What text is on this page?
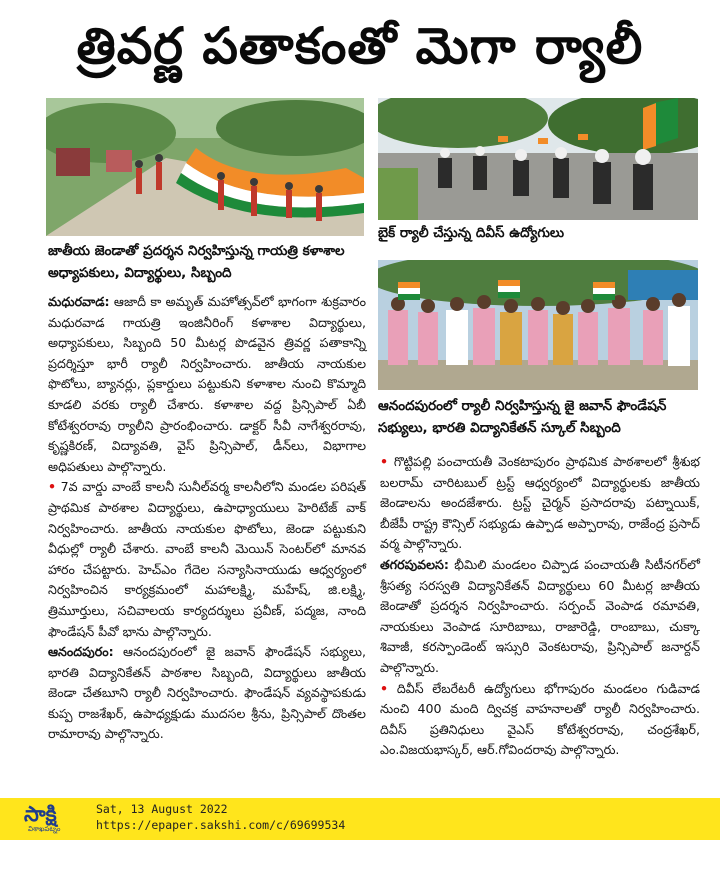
త్రివర్ణ పతాకంతో మెగా ర్యాలీ
జాతీయ జెండాతో ప్రదర్శన నిర్వహిస్తున్న గాయత్రి కళాశాల అధ్యాపకులు, విద్యార్థులు, సిబ్బంది
బైక్ ర్యాలీ చేస్తున్న దివీస్ ఉద్యోగులు
ఆనందపురంలో ర్యాలీ నిర్వహిస్తున్న జై జవాన్ ఫౌండేషన్ సభ్యులు, భారతి విద్యానికేతన్ స్కూల్ సిబ్బంది

మధురవాడ: ఆజాదీ కా అమృత్ మహోత్సవ్‌లో భాగంగా శుక్రవారం మధురవాడ గాయత్రి ఇంజినీరింగ్ కళాశాల విద్యార్థులు, అధ్యాపకులు, సిబ్బంది 50 మీటర్ల పొడవైన త్రివర్ణ పతాకాన్ని ప్రదర్శిస్తూ భారీ ర్యాలీ నిర్వహించారు. జాతీయ నాయకుల ఫొటోలు, బ్యానర్లు, ప్లకార్డులు పట్టుకుని కళాశాల నుంచి కొమ్మాది కూడలి వరకు ర్యాలీ చేశారు. కళాశాల వద్ద ప్రిన్సిపాల్ ఏబీ కోటేశ్వరరావు ర్యాలీని ప్రారంభించారు. డాక్టర్ సీవీ నాగేశ్వరరావు, కృష్ణకిరణ్, విద్యావతి, వైస్ ప్రిన్సిపాల్, డీన్‌లు, విభాగాల అధిపతులు పాల్గొన్నారు.

• 7వ వార్డు వాంబే కాలనీ సునీల్‌వర్మ కాలనీలోని మండల పరిషత్ ప్రాథమిక పాఠశాల విద్యార్థులు, ఉపాధ్యాయులు హెరిటేజ్ వాక్ నిర్వహించారు. జాతీయ నాయకుల ఫొటోలు, జెండా పట్టుకుని వీధుల్లో ర్యాలీ చేశారు. వాంబే కాలనీ మెయిన్ సెంటర్‌లో మానవ హారం చేపట్టారు. హెచ్‌ఎం గేదెల సన్యాసినాయుడు ఆధ్వర్యంలో నిర్వహించిన కార్యక్రమంలో మహాలక్ష్మి, మహేష్, జి.లక్ష్మి, త్రిమూర్తులు, సచివాలయ కార్యదర్శులు ప్రవీణ్, పద్మజ, నాంది ఫౌండేషన్ పీవో భాను పాల్గొన్నారు.

ఆనందపురం: ఆనందపురంలో జై జవాన్ ఫౌండేషన్ సభ్యులు, భారతి విద్యానికేతన్ పాఠశాల సిబ్బంది, విద్యార్థులు జాతీయ జెండా చేతబూని ర్యాలీ నిర్వహించారు. ఫౌండేషన్ వ్యవస్థాపకుడు కుప్ప రాజశేఖర్, ఉపాధ్యక్షుడు ముదసల శ్రీను, ప్రిన్సిపాల్ దొంతల రామారావు పాల్గొన్నారు.

• గొట్టిపల్లి పంచాయతీ వెంకటాపురం ప్రాథమిక పాఠశాలలో శ్రీశుభ బలరామ్ చారిటబుల్ ట్రస్ట్ ఆధ్వర్యంలో విద్యార్థులకు జాతీయ జెండాలను అందజేశారు. ట్రస్ట్ చైర్మన్ ప్రసాదరావు పట్నాయిక్, బీజేపీ రాష్ట్ర కౌన్సిల్ సభ్యుడు ఉప్పాడ అప్పారావు, రాజేంద్ర ప్రసాద్ వర్మ పాల్గొన్నారు.

తగరపువలస: భీమిలి మండలం చిప్పాడ పంచాయతీ సిటీనగర్‌లో శ్రీసత్య సరస్వతి విద్యానికేతన్ విద్యార్థులు 60 మీటర్ల జాతీయ జెండాతో ప్రదర్శన నిర్వహించారు. సర్పంచ్ వెంపాడ రమావతి, నాయకులు వెంపాడ సూరిబాబు, రాజారెడ్డి, రాంబాబు, చుక్కా శివాజీ, కరస్పాండెంట్ ఇస్సురి వెంకటరావు, ప్రిన్సిపాల్ జనార్దన్ పాల్గొన్నారు.

• దివీస్ లేబరేటరీ ఉద్యోగులు భోగాపురం మండలం గుడివాడ నుంచి 400 మంది ద్విచక్ర వాహనాలతో ర్యాలీ నిర్వహించారు. దివీస్ ప్రతినిధులు వైఎస్ కోటేశ్వరరావు, చంద్రశేఖర్, ఎం.విజయభాస్కర్, ఆర్.గోవిందరావు పాల్గొన్నారు.

సాక్షి
విశాఖపట్నం
Sat, 13 August 2022
https://epaper.sakshi.com/c/69699534
